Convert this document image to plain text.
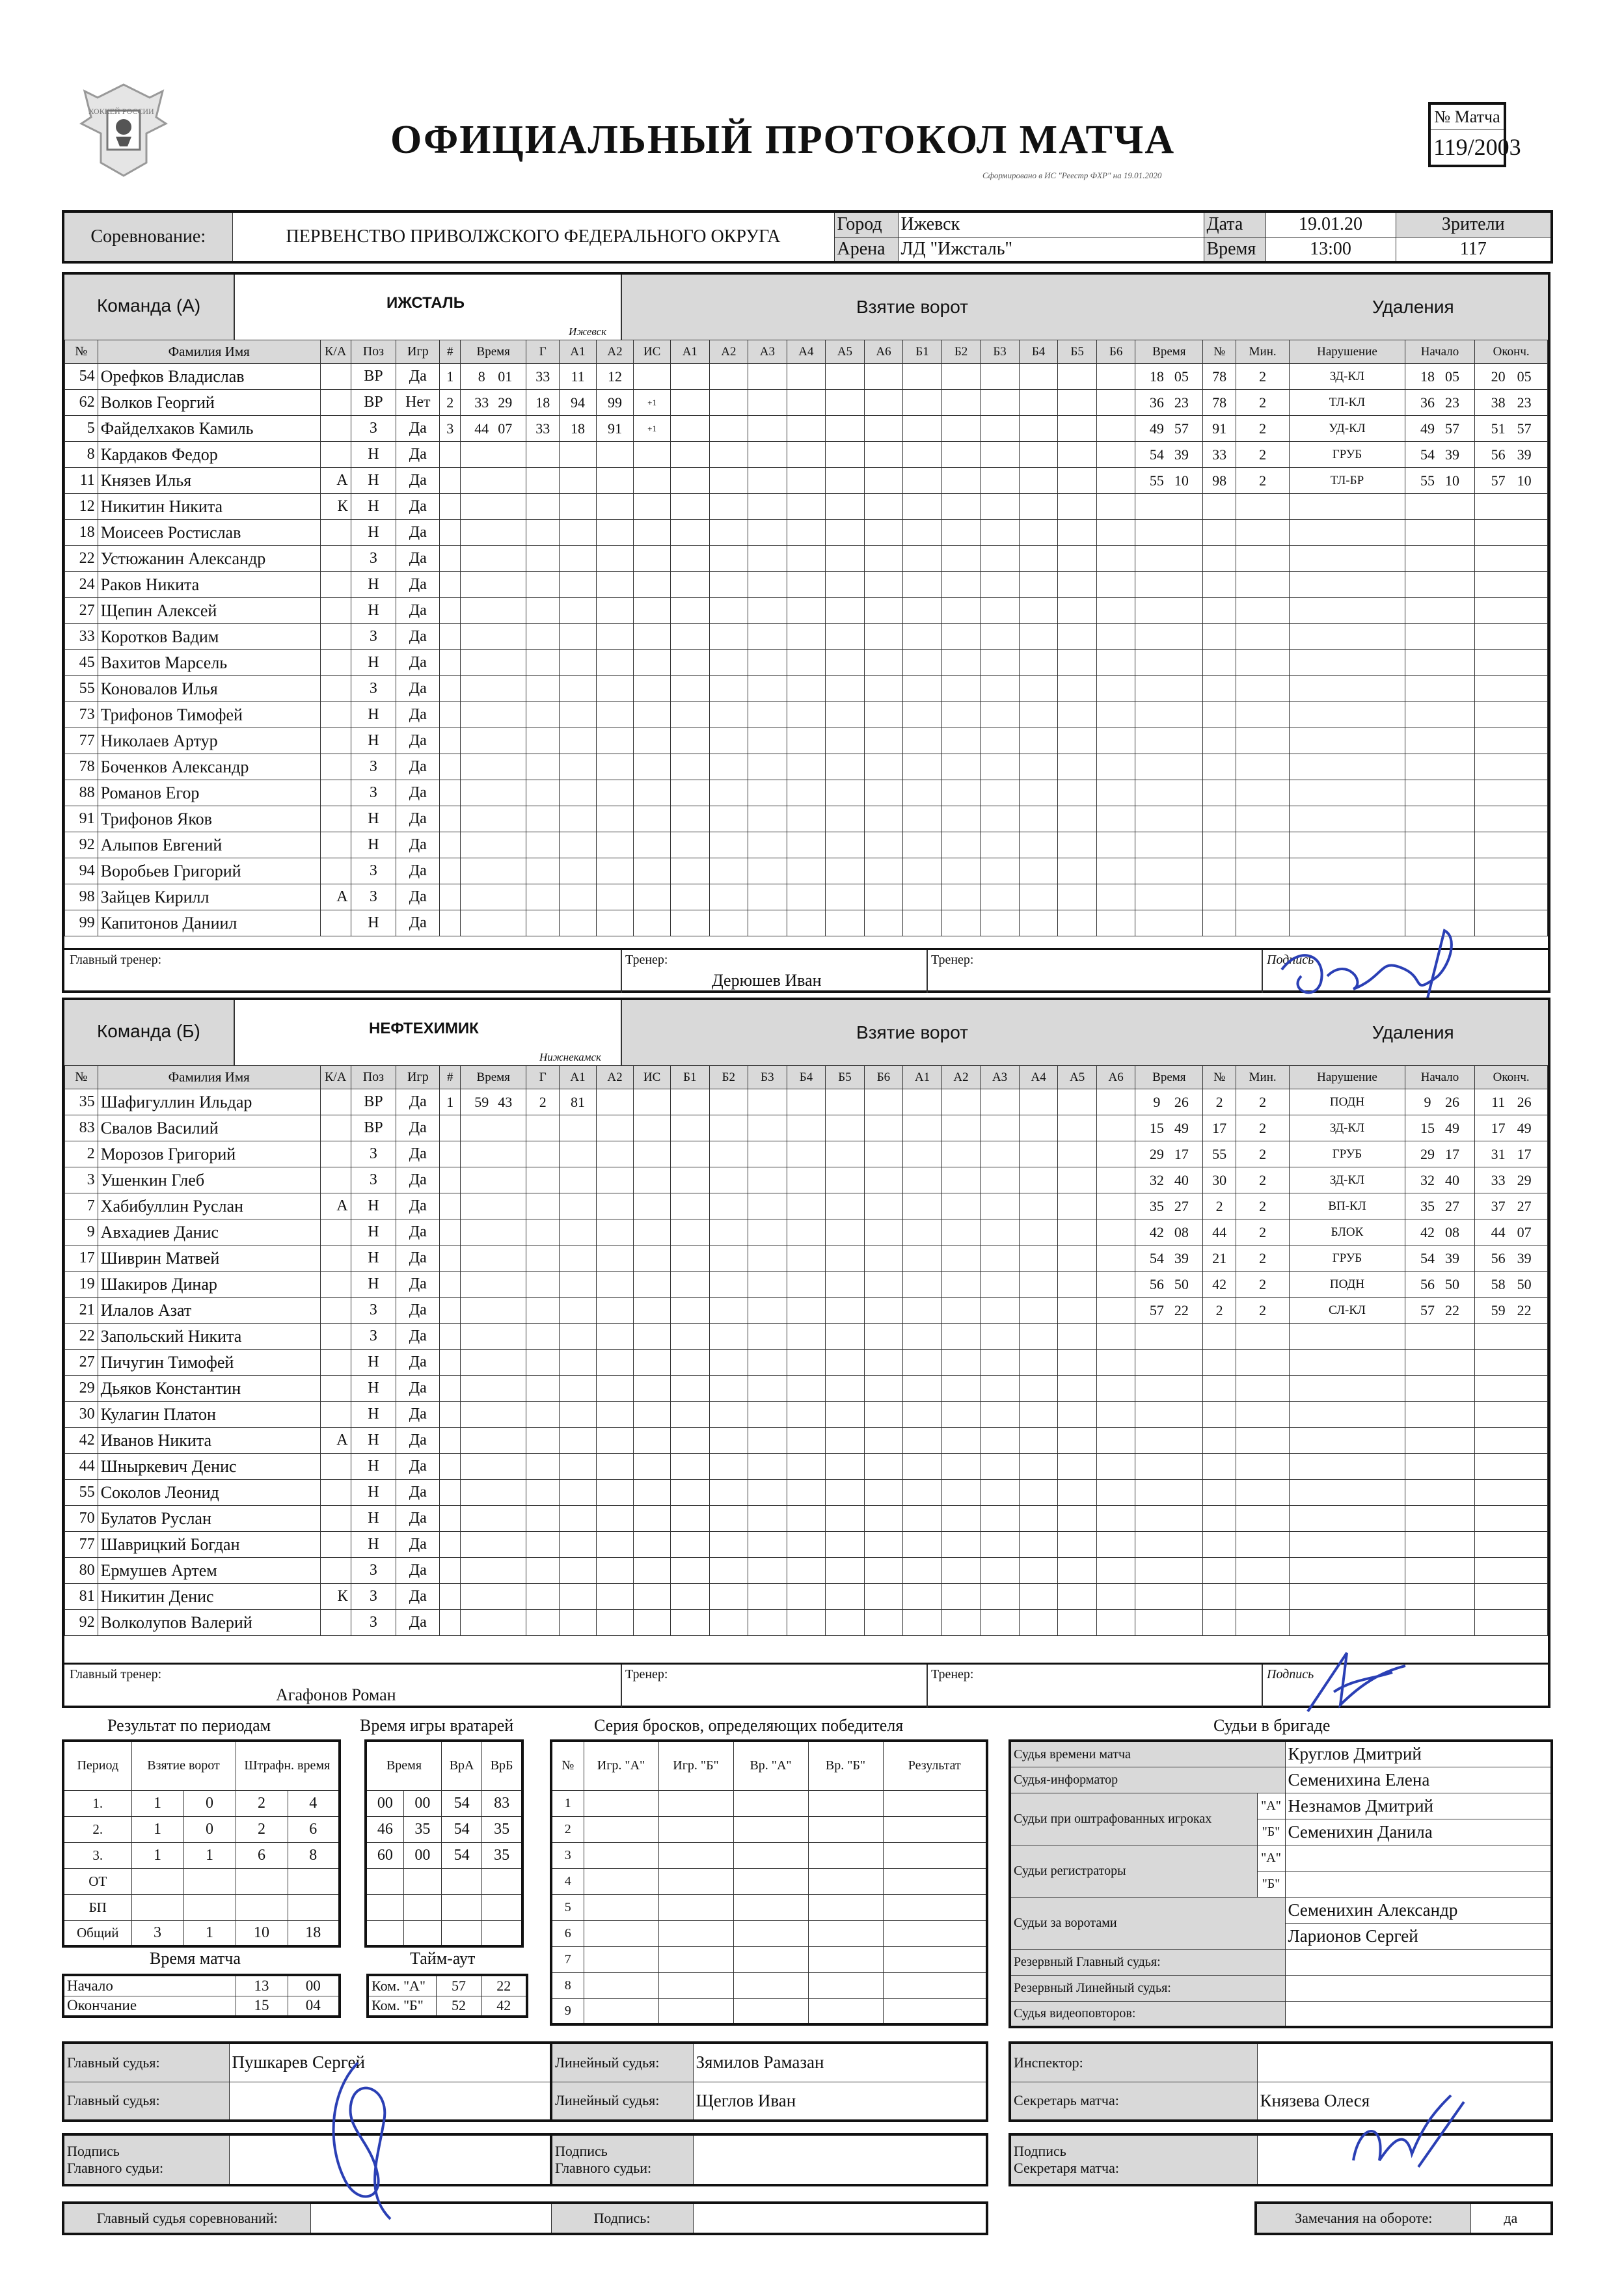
ХОККЕЙ РОССИИ
ОФИЦИАЛЬНЫЙ ПРОТОКОЛ МАТЧА
Сформировано в ИС "Реестр ФХР" на 19.01.2020
№ Матча
119/2003
Соревнование:	ПЕРВЕНСТВО ПРИВОЛЖСКОГО ФЕДЕРАЛЬНОГО ОКРУГА	Город	Ижевск	Дата	19.01.20	Зрители
		Арена	ЛД "Ижсталь"	Время	13:00	117
Команда (А)	ИЖСТАЛЬ
Ижевск
Взятие ворот	Удаления
№	Фамилия Имя	К/А	Поз	Игр	#	Время	Г	А1	А2	ИС	А1	А2	А3	А4	А5	А6	Б1	Б2	Б3	Б4	Б5	Б6	Время	№	Мин.	Нарушение	Начало	Оконч.
54	Орефков Владислав		ВР	Да	1	8 01	33	11	12														18 05	78	2	ЗД-КЛ	18 05	20 05
62	Волков Георгий		ВР	Нет	2	33 29	18	94	99	+1													36 23	78	2	ТЛ-КЛ	36 23	38 23
5	Файделхаков Камиль		З	Да	3	44 07	33	18	91	+1													49 57	91	2	УД-КЛ	49 57	51 57
8	Кардаков Федор		Н	Да																			54 39	33	2	ГРУБ	54 39	56 39
11	Князев Илья	А	Н	Да																			55 10	98	2	ТЛ-БР	55 10	57 10
12	Никитин Никита	К	Н	Да																								
18	Моисеев Ростислав		Н	Да																								
22	Устюжанин Александр		З	Да																								
24	Раков Никита		Н	Да																								
27	Щепин Алексей		Н	Да																								
33	Коротков Вадим		З	Да																								
45	Вахитов Марсель		Н	Да																								
55	Коновалов Илья		З	Да																								
73	Трифонов Тимофей		Н	Да																								
77	Николаев Артур		Н	Да																								
78	Боченков Александр		З	Да																								
88	Романов Егор		З	Да																								
91	Трифонов Яков		Н	Да																								
92	Алыпов Евгений		Н	Да																								
94	Воробьев Григорий		З	Да																								
98	Зайцев Кирилл	А	З	Да																								
99	Капитонов Даниил		Н	Да																								
Главный тренер:	Тренер:
Дерюшев Иван
Тренер:	Подпись
Команда (Б)	НЕФТЕХИМИК
Нижнекамск
Взятие ворот	Удаления
№	Фамилия Имя	К/А	Поз	Игр	#	Время	Г	А1	А2	ИС	Б1	Б2	Б3	Б4	Б5	Б6	А1	А2	А3	А4	А5	А6	Время	№	Мин.	Нарушение	Начало	Оконч.
35	Шафигуллин Ильдар		ВР	Да	1	59 43	2	81															9 26	2	2	ПОДН	9 26	11 26
83	Свалов Василий		ВР	Да																			15 49	17	2	ЗД-КЛ	15 49	17 49
2	Морозов Григорий		З	Да																			29 17	55	2	ГРУБ	29 17	31 17
3	Ушенкин Глеб		З	Да																			32 40	30	2	ЗД-КЛ	32 40	33 29
7	Хабибуллин Руслан	А	Н	Да																			35 27	2	2	ВП-КЛ	35 27	37 27
9	Авхадиев Данис		Н	Да																			42 08	44	2	БЛОК	42 08	44 07
17	Шиврин Матвей		Н	Да																			54 39	21	2	ГРУБ	54 39	56 39
19	Шакиров Динар		Н	Да																			56 50	42	2	ПОДН	56 50	58 50
21	Илалов Азат		З	Да																			57 22	2	2	СЛ-КЛ	57 22	59 22
22	Запольский Никита		З	Да																								
27	Пичугин Тимофей		Н	Да																								
29	Дьяков Константин		Н	Да																								
30	Кулагин Платон		Н	Да																								
42	Иванов Никита	А	Н	Да																								
44	Шныркевич Денис		Н	Да																								
55	Соколов Леонид		Н	Да																								
70	Булатов Руслан		Н	Да																								
77	Шаврицкий Богдан		Н	Да																								
80	Ермушев Артем		З	Да																								
81	Никитин Денис	К	З	Да																								
92	Волколупов Валерий		З	Да																								
Главный тренер:
Агафонов Роман
Тренер:	Тренер:	Подпись
Результат по периодам
Период	Взятие ворот		Штрафн. время	
1.	1	0	2	4
2.	1	0	2	6
3.	1	1	6	8
ОТ				
БП				
Общий	3	1	10	18
Время игры вратарей
Время		ВрА	ВрБ
00	00	54	83
46	35	54	35
60	00	54	35

Серия бросков, определяющих победителя
№	Игр. "А"	Игр. "Б"	Вр. "А"	Вр. "Б"	Результат
1					
2					
3					
4					
5					
6					
7					
8					
9					
Время матча
Начало	13	00
Окончание	15	04
Тайм-аут
Ком. "А"	57	22
Ком. "Б"	52	42
Судьи в бригаде
Судья времени матча		Круглов Дмитрий
Судья-информатор		Семенихина Елена
Судьи при оштрафованных игроках	"А"	Незнамов Дмитрий
	"Б"	Семенихин Данила
Судьи регистраторы	"А"	
	"Б"	
Судьи за воротами		Семенихин Александр
		Ларионов Сергей
Резервный Главный судья:		
Резервный Линейный судья:		
Судья видеоповторов:		
Главный судья:	Пушкарев Сергей
Главный судья:	
Линейный судья:	Зямилов Рамазан
Линейный судья:	Щеглов Иван
Инспектор:	
Секретарь матча:	Князева Олеся
Подпись
Главного судьи:	
Подпись
Главного судьи:	
Подпись
Секретаря матча:	
Главный судья соревнований:		Подпись:		Замечания на обороте:	да
